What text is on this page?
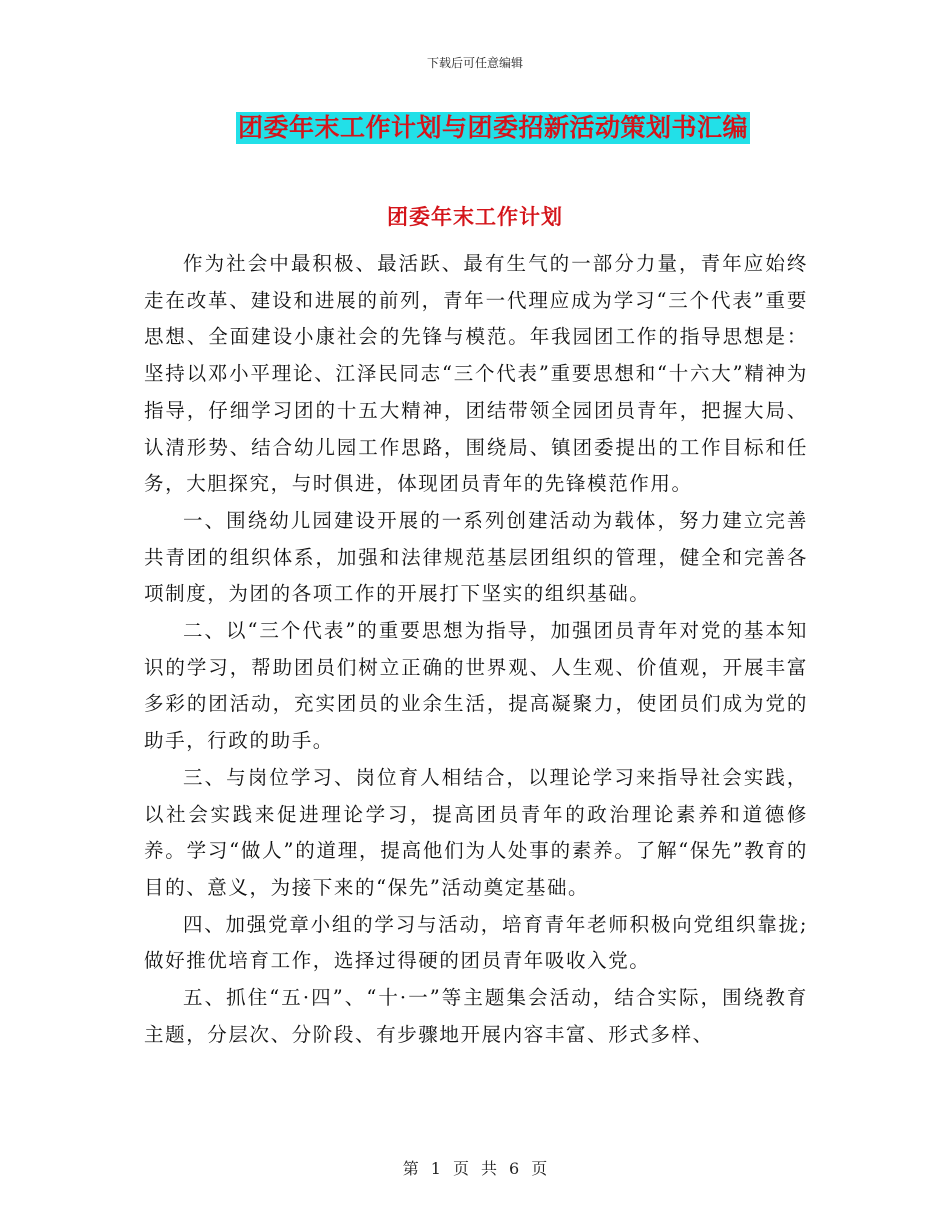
下载后可任意编辑
团委年末工作计划与团委招新活动策划书汇编
团委年末工作计划

作为社会中最积极、最活跃、最有生气的一部分力量，青年应始终走在改革、建设和进展的前列，青年一代理应成为学习“三个代表”重要思想、全面建设小康社会的先锋与模范。年我园团工作的指导思想是：坚持以邓小平理论、江泽民同志“三个代表”重要思想和“十六大”精神为指导，仔细学习团的十五大精神，团结带领全园团员青年，把握大局、认清形势、结合幼儿园工作思路，围绕局、镇团委提出的工作目标和任务，大胆探究，与时俱进，体现团员青年的先锋模范作用。

一、围绕幼儿园建设开展的一系列创建活动为载体，努力建立完善共青团的组织体系，加强和法律规范基层团组织的管理，健全和完善各项制度，为团的各项工作的开展打下坚实的组织基础。

二、以“三个代表”的重要思想为指导，加强团员青年对党的基本知识的学习，帮助团员们树立正确的世界观、人生观、价值观，开展丰富多彩的团活动，充实团员的业余生活，提高凝聚力，使团员们成为党的助手，行政的助手。

三、与岗位学习、岗位育人相结合，以理论学习来指导社会实践，以社会实践来促进理论学习，提高团员青年的政治理论素养和道德修养。学习“做人”的道理，提高他们为人处事的素养。了解“保先”教育的目的、意义，为接下来的“保先”活动奠定基础。

四、加强党章小组的学习与活动，培育青年老师积极向党组织靠拢;做好推优培育工作，选择过得硬的团员青年吸收入党。

五、抓住“五·四”、“十·一”等主题集会活动，结合实际，围绕教育主题，分层次、分阶段、有步骤地开展内容丰富、形式多样、

第 1 页 共 6 页
